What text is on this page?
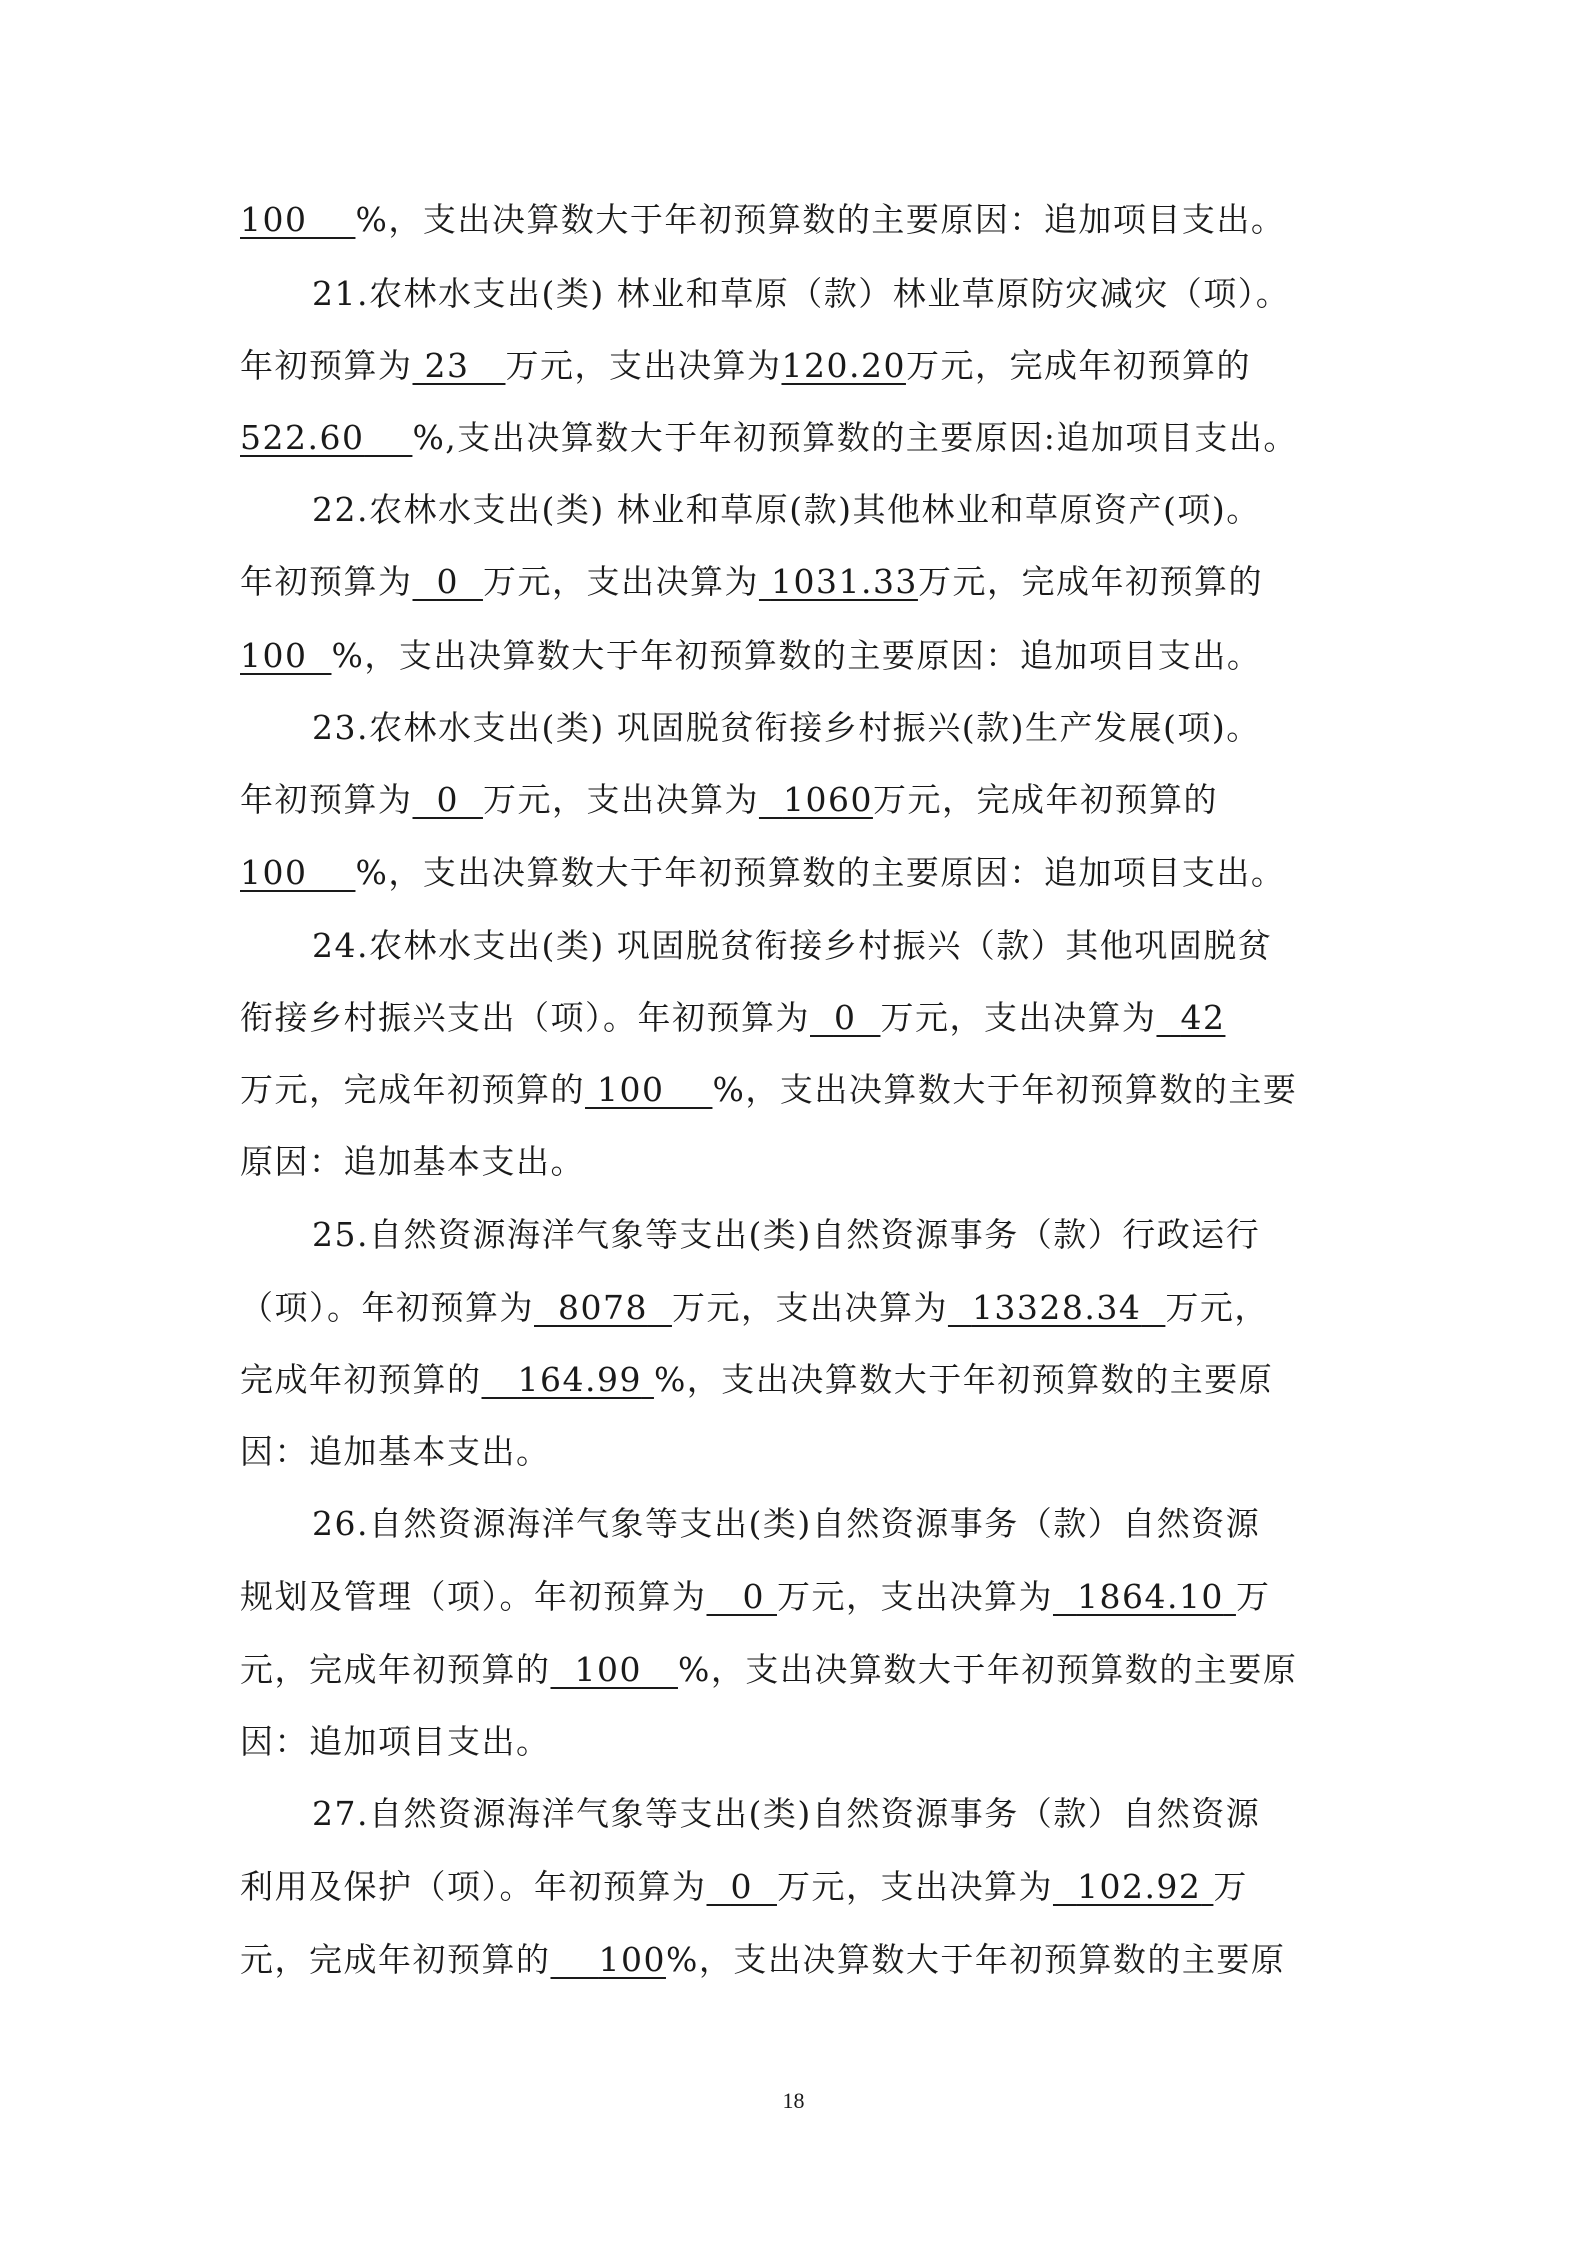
100 %，支出决算数大于年初预算数的主要原因：追加项目支出。
21.农林水支出(类) 林业和草原（款）林业草原防灾减灾（项）。
年初预算为 23 万元，支出决算为120.20万元，完成年初预算的
522.60 %,支出决算数大于年初预算数的主要原因:追加项目支出。
22.农林水支出(类) 林业和草原(款)其他林业和草原资产(项)。
年初预算为 0 万元，支出决算为 1031.33万元，完成年初预算的
100 %，支出决算数大于年初预算数的主要原因：追加项目支出。
23.农林水支出(类) 巩固脱贫衔接乡村振兴(款)生产发展(项)。
年初预算为 0 万元，支出决算为 1060万元，完成年初预算的
100 %，支出决算数大于年初预算数的主要原因：追加项目支出。
24.农林水支出(类) 巩固脱贫衔接乡村振兴（款）其他巩固脱贫
衔接乡村振兴支出（项）。年初预算为 0 万元，支出决算为 42
万元，完成年初预算的 100 %，支出决算数大于年初预算数的主要
原因：追加基本支出。
25.自然资源海洋气象等支出(类)自然资源事务（款）行政运行
（项）。年初预算为 8078 万元，支出决算为 13328.34 万元，
完成年初预算的 164.99 %，支出决算数大于年初预算数的主要原
因：追加基本支出。
26.自然资源海洋气象等支出(类)自然资源事务（款）自然资源
规划及管理（项）。年初预算为 0 万元，支出决算为 1864.10 万
元，完成年初预算的 100 %，支出决算数大于年初预算数的主要原
因：追加项目支出。
27.自然资源海洋气象等支出(类)自然资源事务（款）自然资源
利用及保护（项）。年初预算为 0 万元，支出决算为 102.92 万
元，完成年初预算的 100%，支出决算数大于年初预算数的主要原
18
